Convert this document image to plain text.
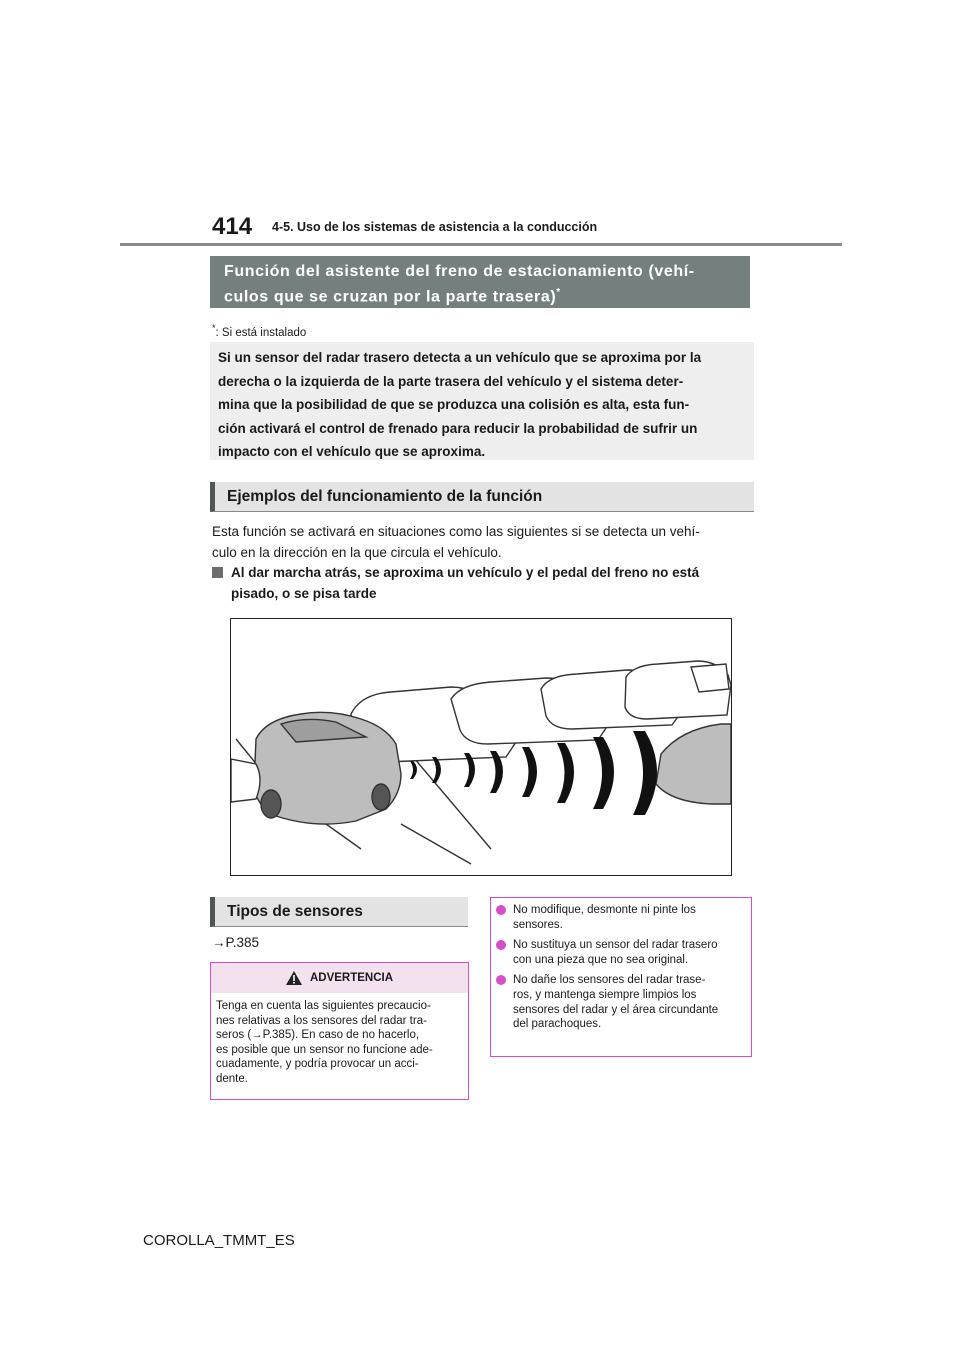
414 4-5. Uso de los sistemas de asistencia a la conducción
Función del asistente del freno de estacionamiento (vehí-
culos que se cruzan por la parte trasera)*
*: Si está instalado
Si un sensor del radar trasero detecta a un vehículo que se aproxima por la
derecha o la izquierda de la parte trasera del vehículo y el sistema deter-
mina que la posibilidad de que se produzca una colisión es alta, esta fun-
ción activará el control de frenado para reducir la probabilidad de sufrir un
impacto con el vehículo que se aproxima.
Ejemplos del funcionamiento de la función
Esta función se activará en situaciones como las siguientes si se detecta un vehí-
culo en la dirección en la que circula el vehículo.
Al dar marcha atrás, se aproxima un vehículo y el pedal del freno no está
pisado, o se pisa tarde
Tipos de sensores
→P.385
ADVERTENCIA
Tenga en cuenta las siguientes precaucio-
nes relativas a los sensores del radar tra-
seros (→P.385). En caso de no hacerlo,
es posible que un sensor no funcione ade-
cuadamente, y podría provocar un acci-
dente.
No modifique, desmonte ni pinte los
sensores.
No sustituya un sensor del radar trasero
con una pieza que no sea original.
No dañe los sensores del radar trase-
ros, y mantenga siempre limpios los
sensores del radar y el área circundante
del parachoques.
COROLLA_TMMT_ES
